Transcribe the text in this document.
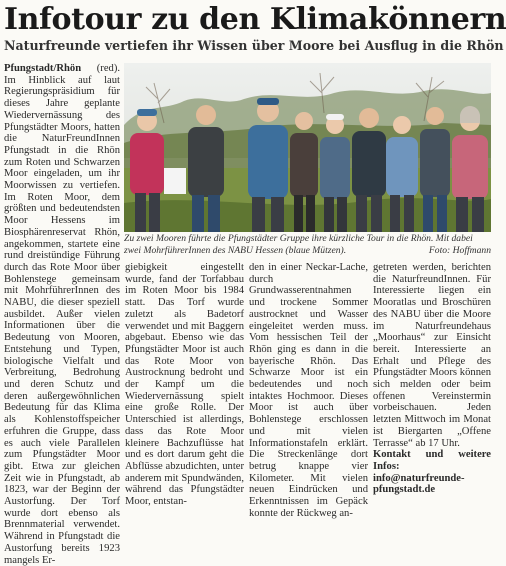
Infotour zu den Klimakönnern
Naturfreunde vertiefen ihr Wissen über Moore bei Ausflug in die Rhön

Pfungstadt/Rhön (red). Im Hinblick auf laut Regierungspräsidium für dieses Jahre geplante Wiedervernässung des Pfungstädter Moors, hatten die NaturFreundInnen Pfungstadt in die Rhön zum Roten und Schwarzen Moor eingeladen, um ihr Moorwissen zu vertiefen. Im Roten Moor, dem größten und bedeutendsten Moor Hessens im Biosphärenreservat Rhön, angekommen, startete eine rund dreistündige Führung durch das Rote Moor über Bohlenstege gemeinsam mit MohrführerInnen des NABU, die dieser speziell ausbildet. Außer vielen Informationen über die Bedeutung von Mooren, Entstehung und Typen, biologische Vielfalt und Verbreitung, Bedrohung und deren Schutz und deren außergewöhnlichen Bedeutung für das Klima als Kohlenstoffspeicher erfuhren die Gruppe, dass es auch viele Parallelen zum Pfungstädter Moor gibt. Etwa zur gleichen Zeit wie in Pfungstadt, ab 1823, war der Beginn der Austorfung. Der Torf wurde dort ebenso als Brennmaterial verwendet. Während in Pfungstadt die Austorfung bereits 1923 mangels Er-

Zu zwei Mooren führte die Pfungstädter Gruppe ihre kürzliche Tour in die Rhön. Mit dabei zwei MohrführerInnen des NABU Hessen (blaue Mützen).	Foto: Hoffmann

giebigkeit eingestellt wurde, fand der Torfabbau im Roten Moor bis 1984 statt. Das Torf wurde zuletzt als Badetorf verwendet und mit Baggern abgebaut. Ebenso wie das Pfungstädter Moor ist auch das Rote Moor von Austrocknung bedroht und der Kampf um die Wiedervernässung spielt eine große Rolle. Der Unterschied ist allerdings, dass das Rote Moor kleinere Bachzuflüsse hat und es dort darum geht die Abflüsse abzudichten, unter anderem mit Spundwänden, während das Pfungstädter Moor, entstan-

den in einer Neckar-Lache, durch Grundwasserentnahmen und trockene Sommer austrocknet und Wasser eingeleitet werden muss. Vom hessischen Teil der Rhön ging es dann in die bayerische Rhön. Das Schwarze Moor ist ein bedeutendes und noch intaktes Hochmoor. Dieses Moor ist auch über Bohlenstege erschlossen und mit vielen Informationstafeln erklärt. Die Streckenlänge dort betrug knappe vier Kilometer. Mit vielen neuen Eindrücken und Erkenntnissen im Gepäck konnte der Rückweg an-

getreten werden, berichten die NaturfreundInnen. Für Interessierte liegen ein Mooratlas und Broschüren des NABU über die Moore im Naturfreundehaus „Moorhaus“ zur Einsicht bereit. Interessierte an Erhalt und Pflege des Pfungstädter Moors können sich melden oder beim offenen Vereinstermin vorbeischauen. Jeden letzten Mittwoch im Monat ist Biergarten „Offene Terrasse“ ab 17 Uhr.

Kontakt und weitere Infos: info@naturfreunde-pfungstadt.de
